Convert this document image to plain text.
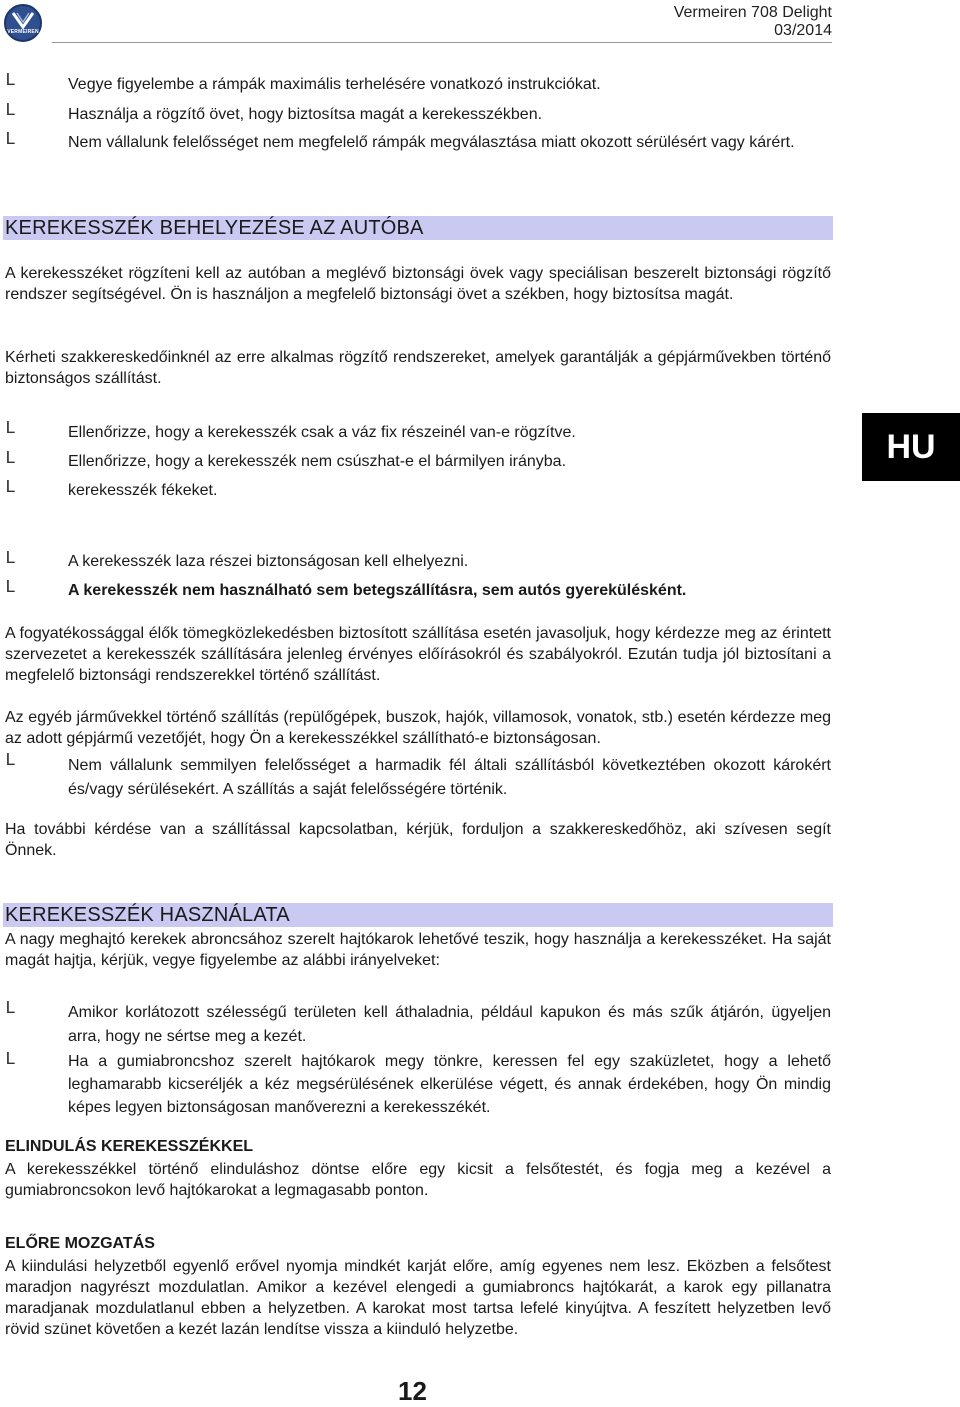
VERMEIREN
Vermeiren 708 Delight
03/2014
L	Vegye figyelembe a rámpák maximális terhelésére vonatkozó instrukciókat.
L	Használja a rögzítő övet, hogy biztosítsa magát a kerekesszékben.
L	Nem vállalunk felelősséget nem megfelelő rámpák megválasztása miatt okozott sérülésért vagy kárért.
KEREKESSZÉK BEHELYEZÉSE AZ AUTÓBA
A kerekesszéket rögzíteni kell az autóban a meglévő biztonsági övek vagy speciálisan beszerelt biztonsági rögzítő rendszer segítségével. Ön is használjon a megfelelő biztonsági övet a székben, hogy biztosítsa magát.
Kérheti szakkereskedőinknél az erre alkalmas rögzítő rendszereket, amelyek garantálják a gépjárművekben történő biztonságos szállítást.
L	Ellenőrizze, hogy a kerekesszék csak a váz fix részeinél van-e rögzítve.
L	Ellenőrizze, hogy a kerekesszék nem csúszhat-e el bármilyen irányba.
L	kerekesszék fékeket.
HU
L	A kerekesszék laza részei biztonságosan kell elhelyezni.
L	A kerekesszék nem használható sem betegszállításra, sem autós gyerekülésként.
A fogyatékossággal élők tömegközlekedésben biztosított szállítása esetén javasoljuk, hogy kérdezze meg az érintett szervezetet a kerekesszék szállítására jelenleg érvényes előírásokról és szabályokról. Ezután tudja jól biztosítani a megfelelő biztonsági rendszerekkel történő szállítást.
Az egyéb járművekkel történő szállítás (repülőgépek, buszok, hajók, villamosok, vonatok, stb.) esetén kérdezze meg az adott gépjármű vezetőjét, hogy Ön a kerekesszékkel szállítható-e biztonságosan.
L	Nem vállalunk semmilyen felelősséget a harmadik fél általi szállításból következtében okozott károkért és/vagy sérülésekért. A szállítás a saját felelősségére történik.
Ha további kérdése van a szállítással kapcsolatban, kérjük, forduljon a szakkereskedőhöz, aki szívesen segít Önnek.
KEREKESSZÉK HASZNÁLATA
A nagy meghajtó kerekek abroncsához szerelt hajtókarok lehetővé teszik, hogy használja a kerekesszéket. Ha saját magát hajtja, kérjük, vegye figyelembe az alábbi irányelveket:
L	Amikor korlátozott szélességű területen kell áthaladnia, például kapukon és más szűk átjárón, ügyeljen arra, hogy ne sértse meg a kezét.
L	Ha a gumiabroncshoz szerelt hajtókarok megy tönkre, keressen fel egy szaküzletet, hogy a lehető leghamarabb kicseréljék a kéz megsérülésének elkerülése végett, és annak érdekében, hogy Ön mindig képes legyen biztonságosan manőverezni a kerekesszékét.
ELINDULÁS KEREKESSZÉKKEL
A kerekesszékkel történő elinduláshoz döntse előre egy kicsit a felsőtestét, és fogja meg a kezével a gumiabroncsokon levő hajtókarokat a legmagasabb ponton.
ELŐRE MOZGATÁS
A kiindulási helyzetből egyenlő erővel nyomja mindkét karját előre, amíg egyenes nem lesz. Eközben a felsőtest maradjon nagyrészt mozdulatlan. Amikor a kezével elengedi a gumiabroncs hajtókarát, a karok egy pillanatra maradjanak mozdulatlanul ebben a helyzetben. A karokat most tartsa lefelé kinyújtva. A feszített helyzetben levő rövid szünet követően a kezét lazán lendítse vissza a kiinduló helyzetbe.
12
